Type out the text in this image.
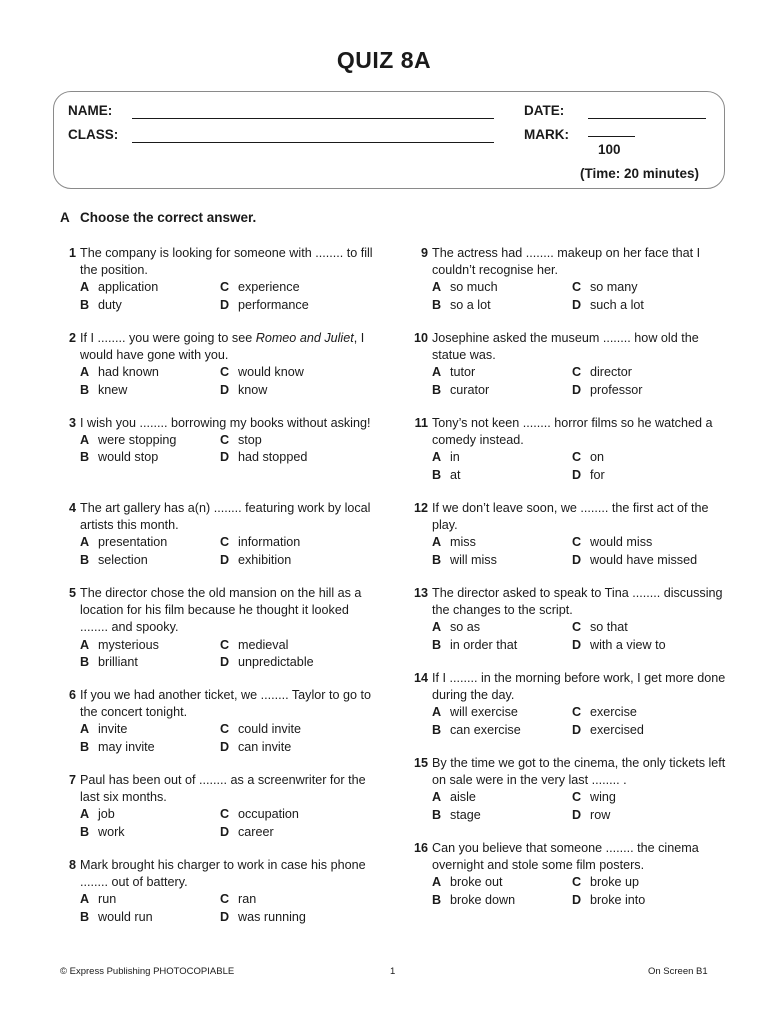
QUIZ 8A
NAME:
CLASS:
DATE:
MARK:
100
(Time: 20 minutes)
A Choose the correct answer.
1 The company is looking for someone with ........ to fill the position.

A application	C experience
B duty	D performance
2 If I ........ you were going to see Romeo and Juliet, I would have gone with you.

A had known	C would know
B knew	D know
3 I wish you ........ borrowing my books without asking!

A were stopping	C stop
B would stop	D had stopped
4 The art gallery has a(n) ........ featuring work by local artists this month.

A presentation	C information
B selection	D exhibition
5 The director chose the old mansion on the hill as a location for his film because he thought it looked ........ and spooky.

A mysterious	C medieval
B brilliant	D unpredictable
6 If you we had another ticket, we ........ Taylor to go to the concert tonight.

A invite	C could invite
B may invite	D can invite
7 Paul has been out of ........ as a screenwriter for the last six months.

A job	C occupation
B work	D career
8 Mark brought his charger to work in case his phone ........ out of battery.

A run	C ran
B would run	D was running
9 The actress had ........ makeup on her face that I couldn’t recognise her.

A so much	C so many
B so a lot	D such a lot
10 Josephine asked the museum ........ how old the statue was.

A tutor	C director
B curator	D professor
11 Tony’s not keen ........ horror films so he watched a comedy instead.

A in	C on
B at	D for
12 If we don’t leave soon, we ........ the first act of the play.

A miss	C would miss
B will miss	D would have missed
13 The director asked to speak to Tina ........ discussing the changes to the script.

A so as	C so that
B in order that	D with a view to
14 If I ........ in the morning before work, I get more done during the day.

A will exercise	C exercise
B can exercise	D exercised
15 By the time we got to the cinema, the only tickets left on sale were in the very last ........ .

A aisle	C wing
B stage	D row
16 Can you believe that someone ........ the cinema overnight and stole some film posters.

A broke out	C broke up
B broke down	D broke into
© Express Publishing PHOTOCOPIABLE	1	On Screen B1
